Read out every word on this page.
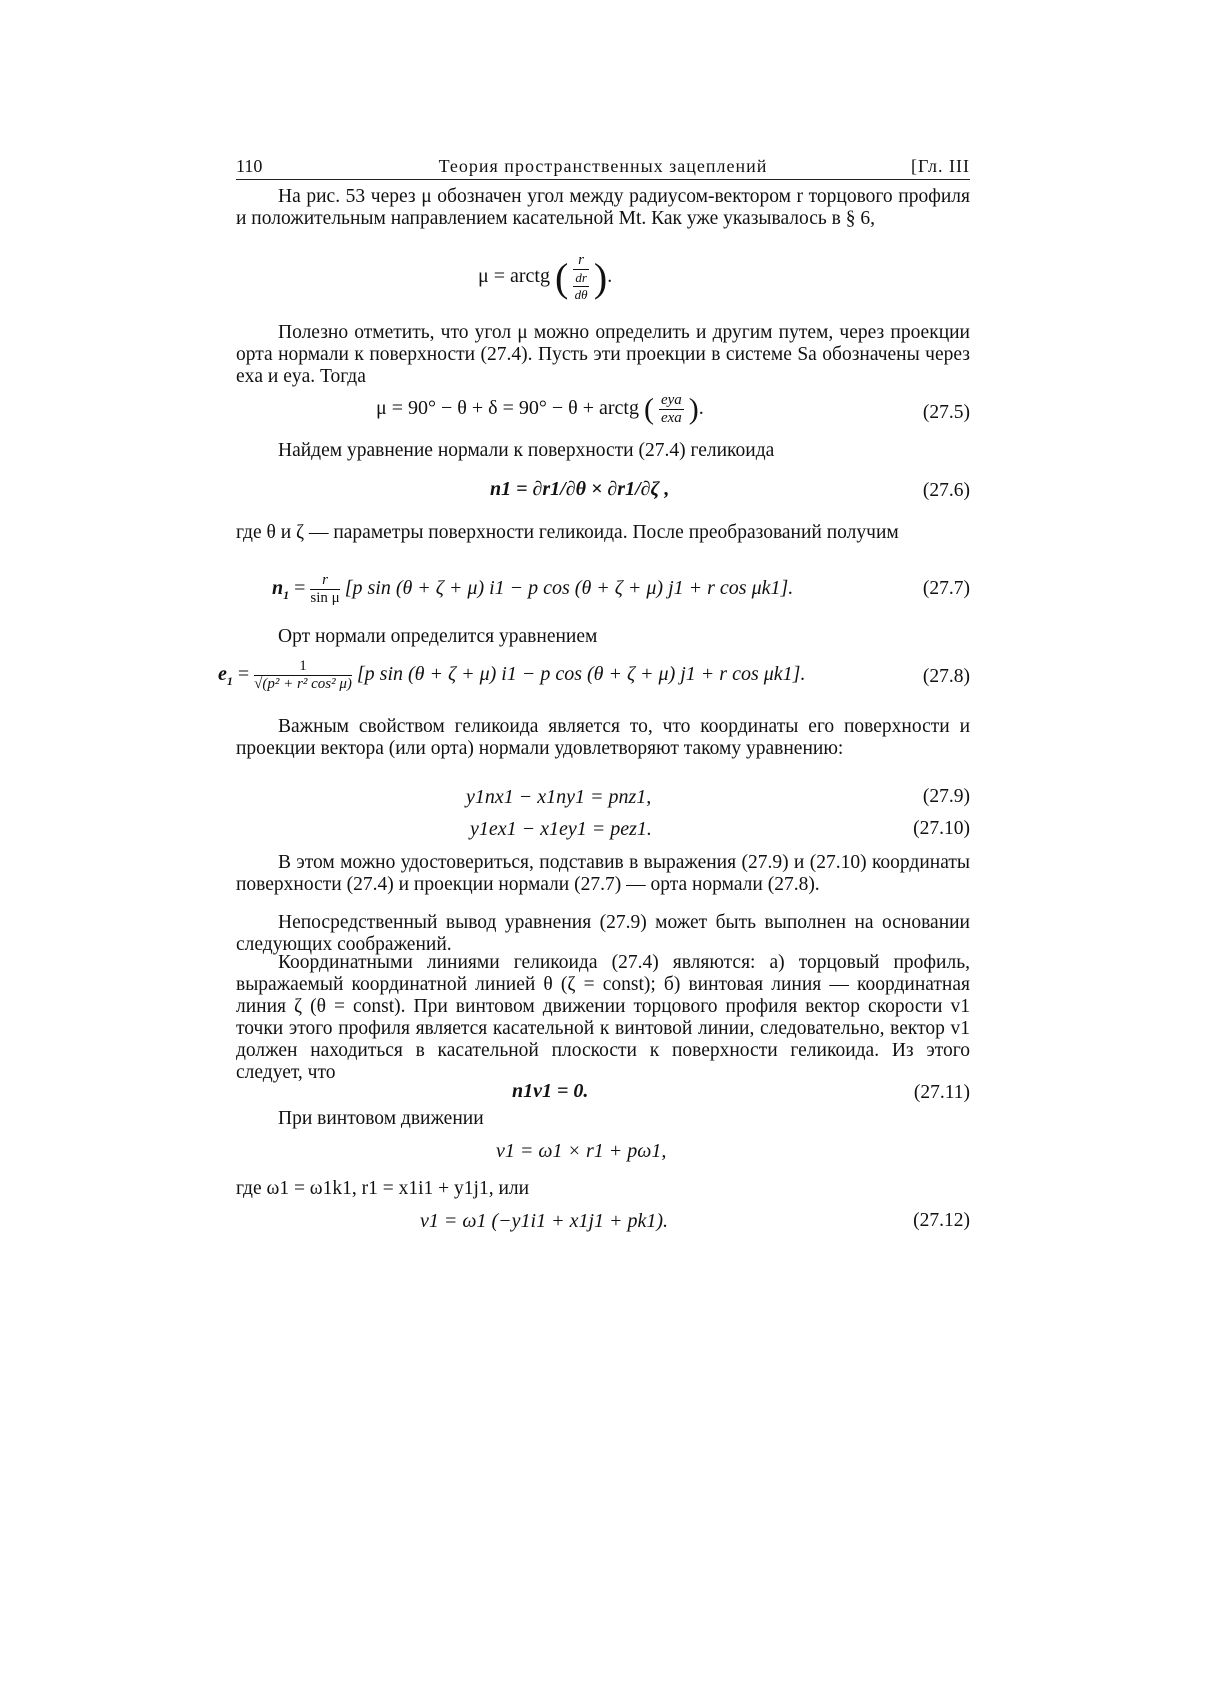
110	Теория пространственных зацеплений	[Гл. III
На рис. 53 через μ обозначен угол между радиусом-вектором r торцового профиля и положительным направлением касательной Mt. Как уже указывалось в § 6,
μ = arctg ( $\frac{r}{\frac{dr}{d\theta}}$ ).
Полезно отметить, что угол μ можно определить и другим путем, через проекции орта нормали к поверхности (27.4). Пусть эти проекции в системе Sa обозначены через exa и eya. Тогда
μ = 90° − θ + δ = 90° − θ + arctg ( $\frac{\text{eya}}{\text{exa}}$ ).	(27.5)
Найдем уравнение нормали к поверхности (27.4) геликоида
n1 = ∂r1/∂θ × ∂r1/∂ζ ,	(27.6)
где θ и ζ — параметры поверхности геликоида. После преобразований получим
$n_1 = \frac{r}{\text{sin μ}} [p$ sin (θ + ζ + μ) i1 − p cos (θ + ζ + μ) j1 + r cos μk1].	(27.7)
Орт нормали определится уравнением
$e_1 = \frac{1}{\text{√(p² + r² cos² μ)}} [p$ sin (θ + ζ + μ) i1 − p cos (θ + ζ + μ) j1 + r cos μk1].	(27.8)
Важным свойством геликоида является то, что координаты его поверхности и проекции вектора (или орта) нормали удовлетворяют такому уравнению:
y1nx1 − x1ny1 = pnz1,	(27.9)
y1ex1 − x1ey1 = pez1.	(27.10)
В этом можно удостовериться, подставив в выражения (27.9) и (27.10) координаты поверхности (27.4) и проекции нормали (27.7) — орта нормали (27.8).
Непосредственный вывод уравнения (27.9) может быть выполнен на основании следующих соображений.
Координатными линиями геликоида (27.4) являются: а) торцовый профиль, выражаемый координатной линией θ (ζ = const); б) винтовая линия — координатная линия ζ (θ = const). При винтовом движении торцового профиля вектор скорости v1 точки этого профиля является касательной к винтовой линии, следовательно, вектор v1 должен находиться в касательной плоскости к поверхности геликоида. Из этого следует, что
n1v1 = 0.	(27.11)
При винтовом движении
v1 = ω1 × r1 + pω1,
где ω1 = ω1k1, r1 = x1i1 + y1j1, или
v1 = ω1 (−y1i1 + x1j1 + pk1).	(27.12)
